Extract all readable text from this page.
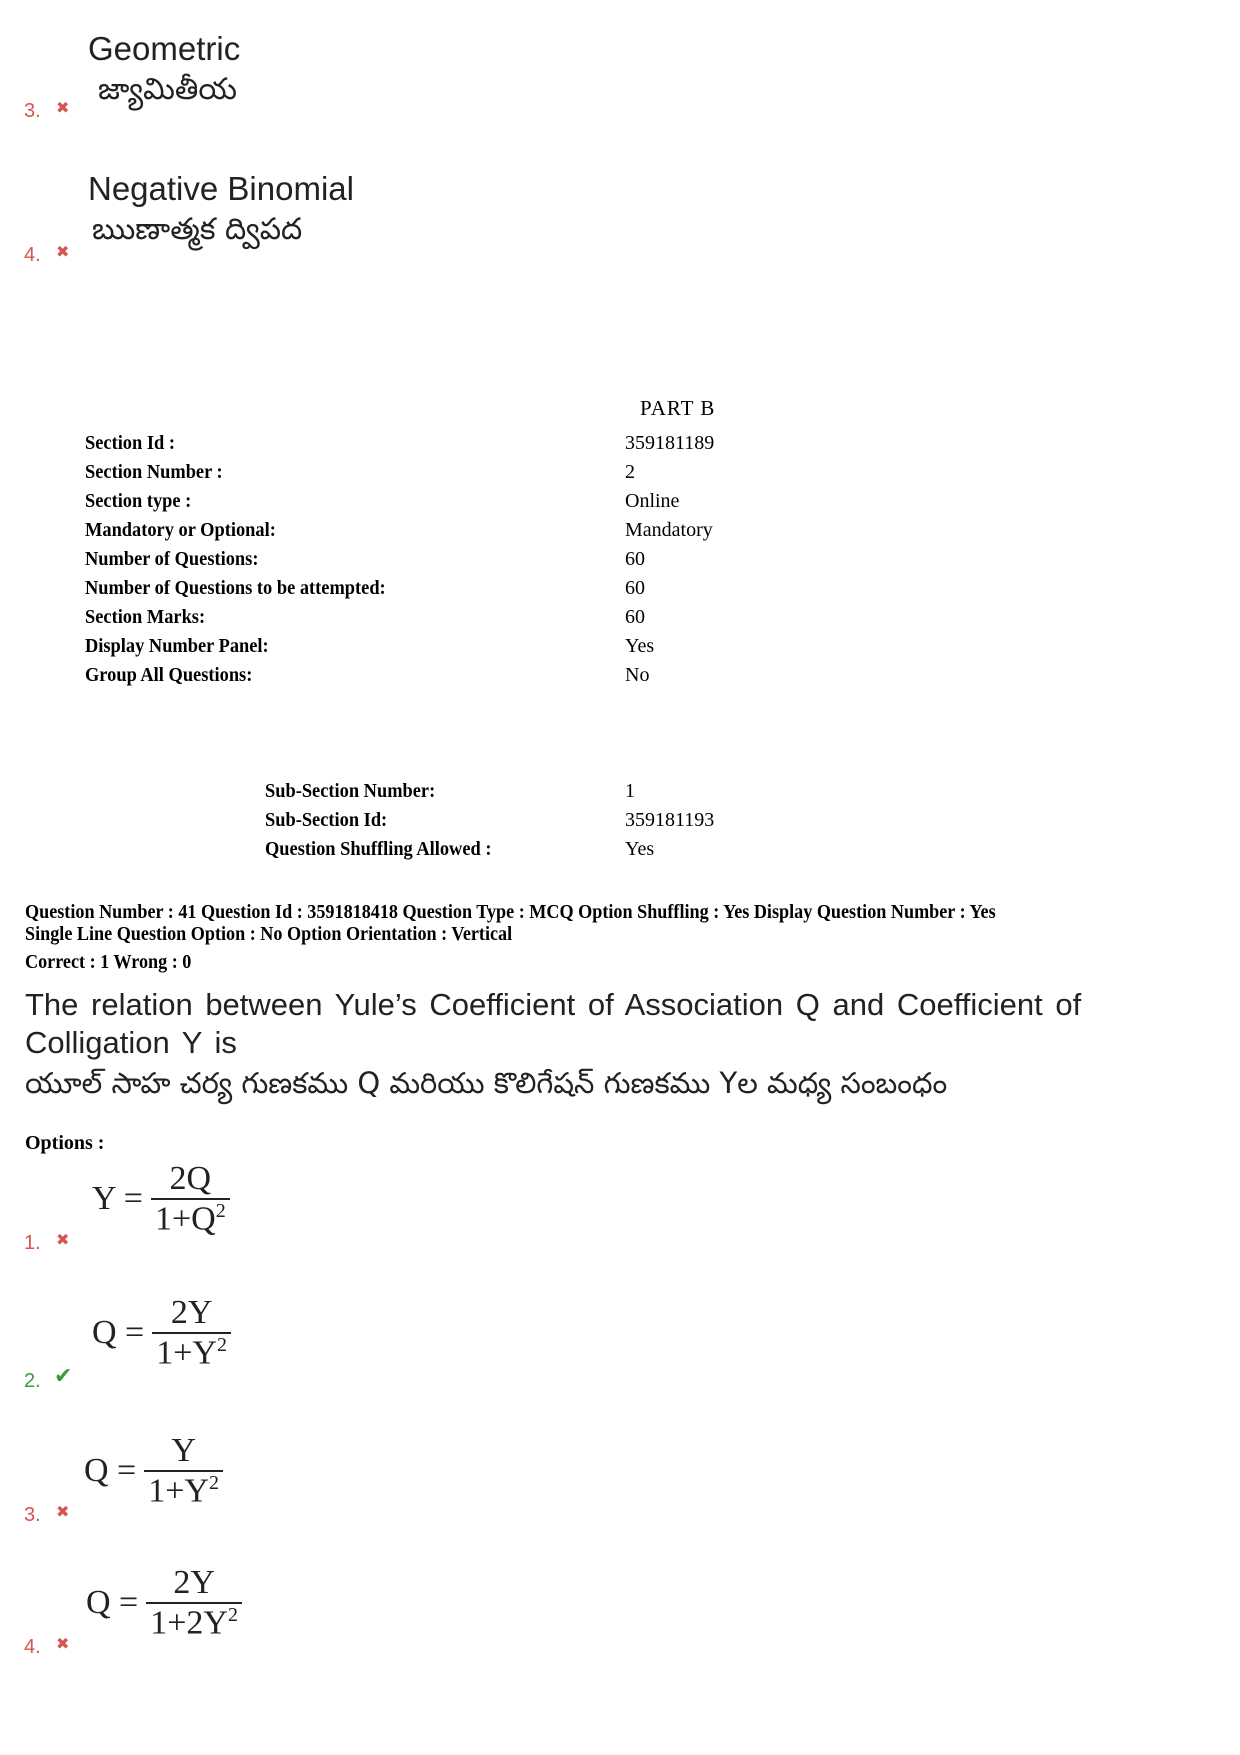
Geometric
జ్యామితీయ
3. ✖
Negative Binomial
ఋణాత్మక ద్విపద
4. ✖
PART B
Section Id :	359181189
Section Number :	2
Section type :	Online
Mandatory or Optional:	Mandatory
Number of Questions:	60
Number of Questions to be attempted:	60
Section Marks:	60
Display Number Panel:	Yes
Group All Questions:	No
Sub-Section Number:	1
Sub-Section Id:	359181193
Question Shuffling Allowed :	Yes
Question Number : 41 Question Id : 3591818418 Question Type : MCQ Option Shuffling : Yes Display Question Number : Yes
Single Line Question Option : No Option Orientation : Vertical
Correct : 1 Wrong : 0
The relation between Yule’s Coefficient of Association Q and Coefficient of Colligation Y is
యూల్ సాహ చర్య గుణకము Q మరియు కొలిగేషన్ గుణకము Yల మధ్య సంబంధం
Options :
$Y = \frac{2Q}{1+Q^2}$
1. ✖
$Q = \frac{2Y}{1+Y^2}$
2. ✔
$Q = \frac{Y}{1+Y^2}$
3. ✖
$Q = \frac{2Y}{1+2Y^2}$
4. ✖
